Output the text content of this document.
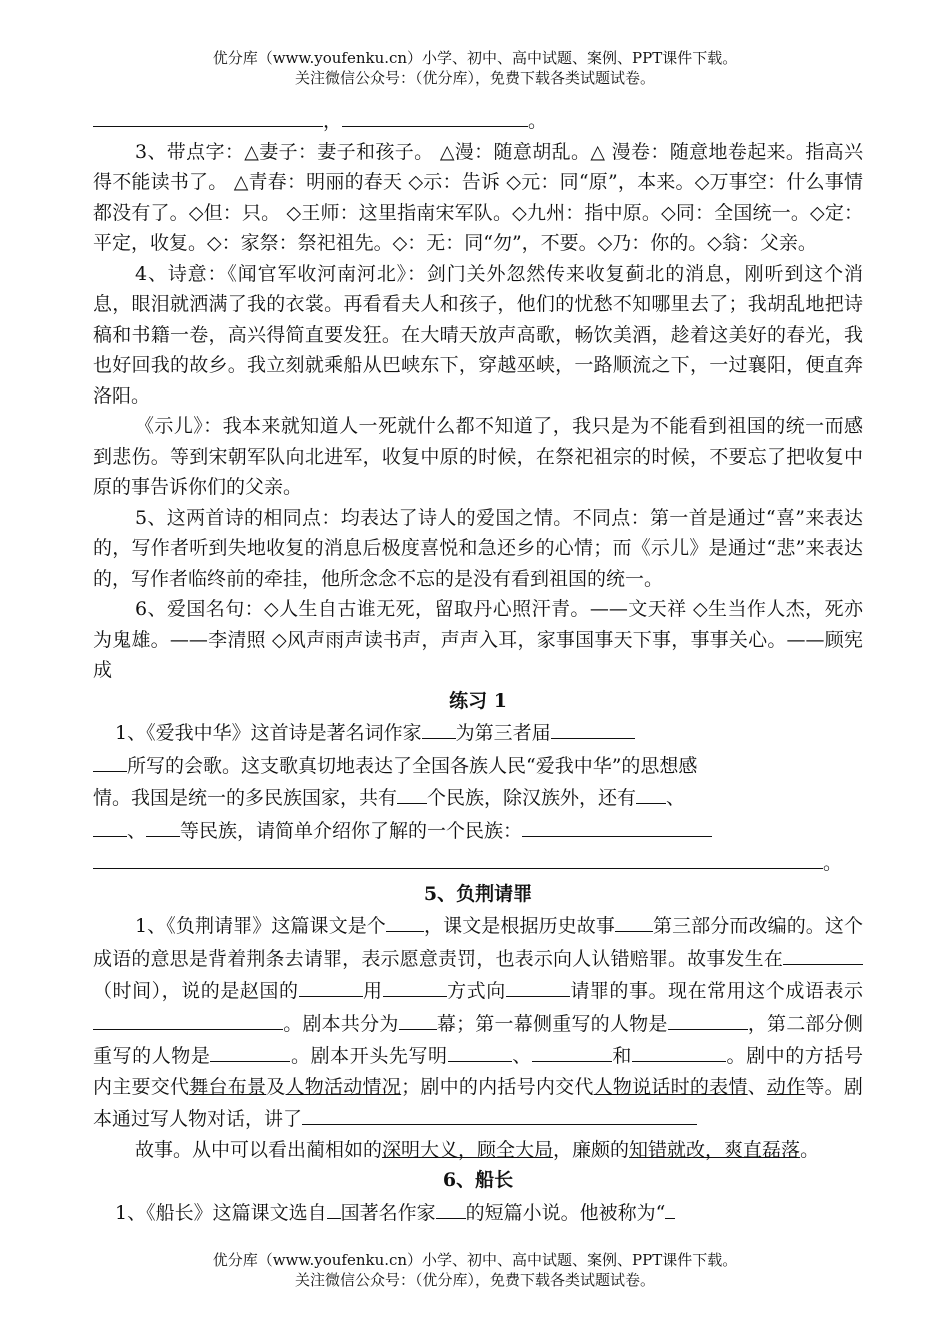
优分库（www.youfenku.cn）小学、初中、高中试题、案例、PPT课件下载。
关注微信公众号：（优分库），免费下载各类试题试卷。

，	。

3、带点字：△妻子：妻子和孩子。 △漫：随意胡乱。△ 漫卷：随意地卷起来。指高兴得不能读书了。 △青春：明丽的春天 ◇示：告诉 ◇元：同“原”，本来。◇万事空：什么事情都没有了。◇但：只。 ◇王师：这里指南宋军队。◇九州：指中原。◇同：全国统一。◇定：平定，收复。◇：家祭：祭祀祖先。◇：无：同“勿”，不要。◇乃：你的。◇翁：父亲。

4、诗意：《闻官军收河南河北》：剑门关外忽然传来收复蓟北的消息，刚听到这个消息，眼泪就洒满了我的衣裳。再看看夫人和孩子，他们的忧愁不知哪里去了；我胡乱地把诗稿和书籍一卷，高兴得简直要发狂。在大晴天放声高歌，畅饮美酒，趁着这美好的春光，我也好回我的故乡。我立刻就乘船从巴峡东下，穿越巫峡，一路顺流之下，一过襄阳，便直奔洛阳。

《示儿》：我本来就知道人一死就什么都不知道了，我只是为不能看到祖国的统一而感到悲伤。等到宋朝军队向北进军，收复中原的时候，在祭祀祖宗的时候，不要忘了把收复中原的事告诉你们的父亲。

5、这两首诗的相同点：均表达了诗人的爱国之情。不同点：第一首是通过“喜”来表达的，写作者听到失地收复的消息后极度喜悦和急还乡的心情；而《示儿》是通过“悲”来表达的，写作者临终前的牵挂，他所念念不忘的是没有看到祖国的统一。

6、爱国名句：◇人生自古谁无死，留取丹心照汗青。——文天祥 ◇生当作人杰，死亦为鬼雄。——李清照 ◇风声雨声读书声，声声入耳，家事国事天下事，事事关心。——顾宪成

练习 1

1、《爱我中华》这首诗是著名词作家 为第三者届
所写的会歌。这支歌真切地表达了全国各族人民“爱我中华”的思想感
情。我国是统一的多民族国家，共有 个民族，除汉族外，还有 、
、 等民族，请简单介绍你了解的一个民族：
。

5、负荆请罪

1、《负荆请罪》这篇课文是个 ，课文是根据历史故事 第三部分而改编的。这个成语的意思是背着荆条去请罪，表示愿意责罚，也表示向人认错赔罪。故事发生在（时间），说的是赵国的	用	方式向	请罪的事。现在常用这个成语表示。剧本共分为 幕；第一幕侧重写的人物是	，第二部分侧重写的人物是	。剧本开头先写明	、	和	。剧中的方括号内主要交代舞台布景及人物活动情况；剧中的内括号内交代人物说话时的表情、动作等。剧本通过写人物对话，讲了
故事。从中可以看出蔺相如的深明大义，顾全大局，廉颇的知错就改，爽直磊落。

6、船长

1、《船长》这篇课文选自 国著名作家 的短篇小说。他被称为“

优分库（www.youfenku.cn）小学、初中、高中试题、案例、PPT课件下载。
关注微信公众号：（优分库），免费下载各类试题试卷。
